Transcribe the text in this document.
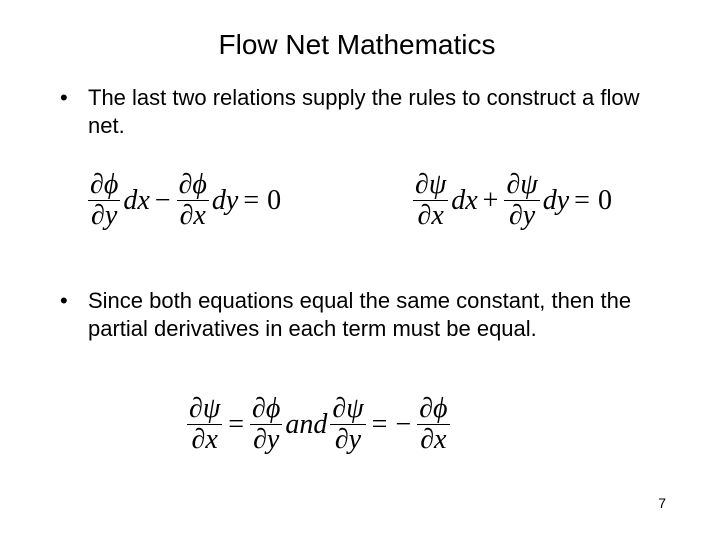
Flow Net Mathematics
• The last two relations supply the rules to construct a flow net.
$\frac{\partial\phi}{\partial y}$ dx − $\frac{\partial\phi}{\partial x}$ dy = 0	$\frac{\partial\psi}{\partial x}$ dx + $\frac{\partial\psi}{\partial y}$ dy = 0
• Since both equations equal the same constant, then the partial derivatives in each term must be equal.
$\frac{\partial\psi}{\partial x} = \frac{\partial\phi}{\partial y}$ and $\frac{\partial\psi}{\partial y}$ = − $\frac{\partial\phi}{\partial x}$
7
